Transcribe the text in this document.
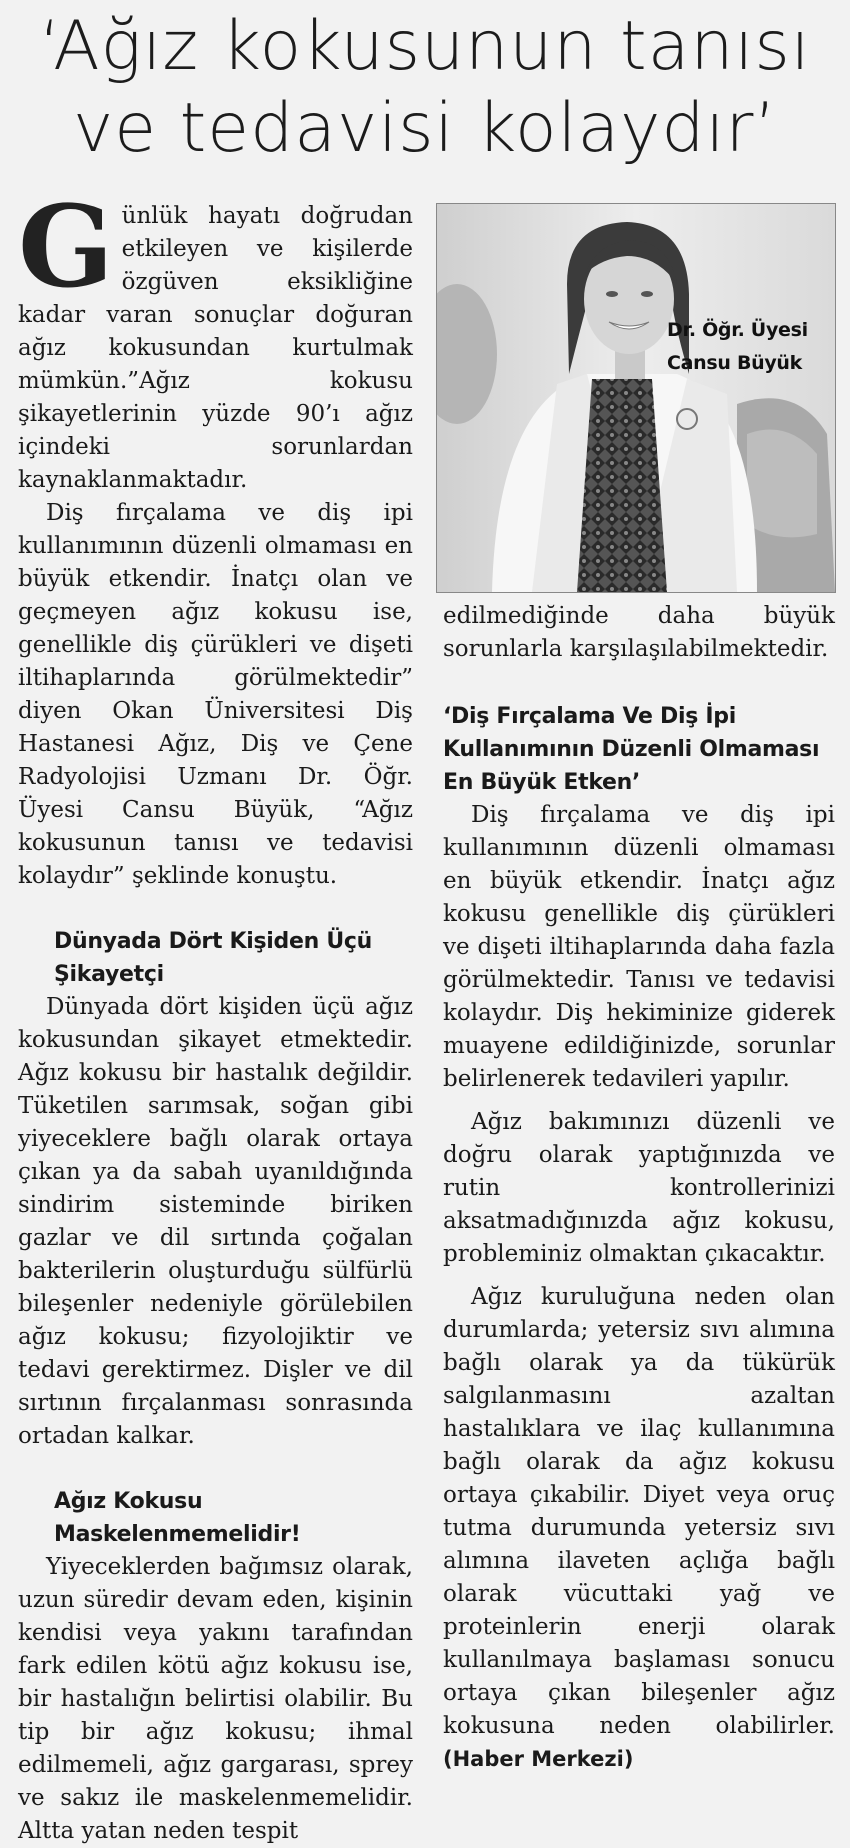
‘Ağız kokusunun tanısı
ve tedavisi kolaydır’

Günlük hayatı doğrudan etkileyen ve kişilerde özgüven eksikliğine kadar varan sonuçlar doğuran ağız kokusundan kurtulmak mümkün.”Ağız kokusu şikayetlerinin yüzde 90’ı ağız içindeki sorunlardan kaynaklanmaktadır.

Diş fırçalama ve diş ipi kullanımının düzenli olmaması en büyük etkendir. İnatçı olan ve geçmeyen ağız kokusu ise, genellikle diş çürükleri ve dişeti iltihaplarında görülmektedir” diyen Okan Üniversitesi Diş Hastanesi Ağız, Diş ve Çene Radyolojisi Uzmanı Dr. Öğr. Üyesi Cansu Büyük, “Ağız kokusunun tanısı ve tedavisi kolaydır” şeklinde konuştu.

Dünyada Dört Kişiden Üçü Şikayetçi

Dünyada dört kişiden üçü ağız kokusundan şikayet etmektedir. Ağız kokusu bir hastalık değildir. Tüketilen sarımsak, soğan gibi yiyeceklere bağlı olarak ortaya çıkan ya da sabah uyanıldığında sindirim sisteminde biriken gazlar ve dil sırtında çoğalan bakterilerin oluşturduğu sülfürlü bileşenler nedeniyle görülebilen ağız kokusu; fizyolojiktir ve tedavi gerektirmez. Dişler ve dil sırtının fırçalanması sonrasında ortadan kalkar.

Ağız Kokusu Maskelenmemelidir!

Yiyeceklerden bağımsız olarak, uzun süredir devam eden, kişinin kendisi veya yakını tarafından fark edilen kötü ağız kokusu ise, bir hastalığın belirtisi olabilir. Bu tip bir ağız kokusu; ihmal edilmemeli, ağız gargarası, sprey ve sakız ile maskelenmemelidir. Altta yatan neden tespit

Dr. Öğr. Üyesi
Cansu Büyük

edilmediğinde daha büyük sorunlarla karşılaşılabilmektedir.

‘Diş Fırçalama Ve Diş İpi Kullanımının Düzenli Olmaması En Büyük Etken’

Diş fırçalama ve diş ipi kullanımının düzenli olmaması en büyük etkendir. İnatçı ağız kokusu genellikle diş çürükleri ve dişeti iltihaplarında daha fazla görülmektedir. Tanısı ve tedavisi kolaydır. Diş hekiminize giderek muayene edildiğinizde, sorunlar belirlenerek tedavileri yapılır.

Ağız bakımınızı düzenli ve doğru olarak yaptığınızda ve rutin kontrollerinizi aksatmadığınızda ağız kokusu, probleminiz olmaktan çıkacaktır.

Ağız kuruluğuna neden olan durumlarda; yetersiz sıvı alımına bağlı olarak ya da tükürük salgılanmasını azaltan hastalıklara ve ilaç kullanımına bağlı olarak da ağız kokusu ortaya çıkabilir. Diyet veya oruç tutma durumunda yetersiz sıvı alımına ilaveten açlığa bağlı olarak vücuttaki yağ ve proteinlerin enerji olarak kullanılmaya başlaması sonucu ortaya çıkan bileşenler ağız kokusuna neden olabilirler. (Haber Merkezi)
